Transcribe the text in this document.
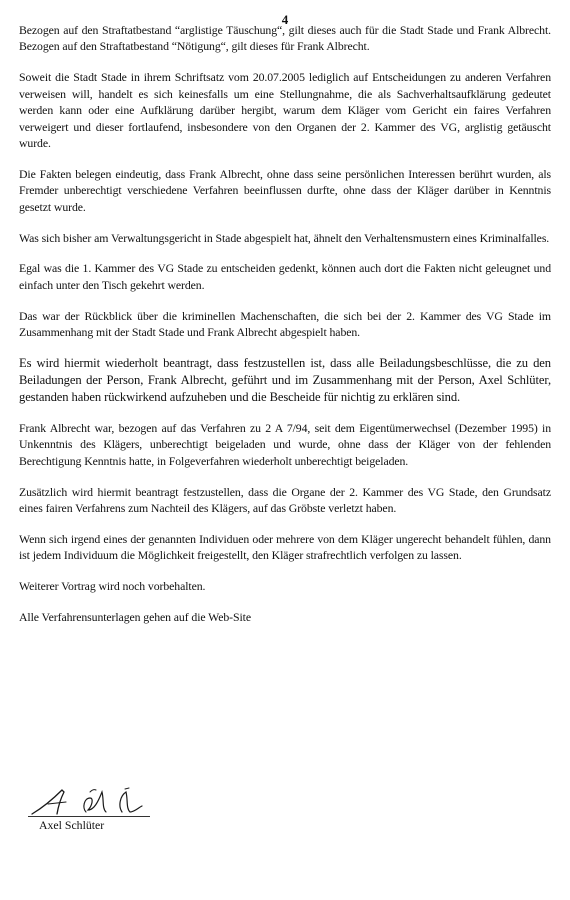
4

Bezogen auf den Straftatbestand “arglistige Täuschung“, gilt dieses auch für die Stadt Stade und Frank Albrecht. Bezogen auf den Straftatbestand “Nötigung“, gilt dieses für Frank Albrecht.

Soweit die Stadt Stade in ihrem Schriftsatz vom 20.07.2005 lediglich auf Entscheidungen zu anderen Verfahren verweisen will, handelt es sich keinesfalls um eine Stellungnahme, die als Sachverhaltsaufklärung gedeutet werden kann oder eine Aufklärung darüber hergibt, warum dem Kläger vom Gericht ein faires Verfahren verweigert und dieser fortlaufend, insbesondere von den Organen der 2. Kammer des VG, arglistig getäuscht wurde.

Die Fakten belegen eindeutig, dass Frank Albrecht, ohne dass seine persönlichen Interessen berührt wurden, als Fremder unberechtigt verschiedene Verfahren beeinflussen durfte, ohne dass der Kläger darüber in Kenntnis gesetzt wurde.

Was sich bisher am Verwaltungsgericht in Stade abgespielt hat, ähnelt den Verhaltensmustern eines Kriminalfalles.

Egal was die 1. Kammer des VG Stade zu entscheiden gedenkt, können auch dort die Fakten nicht geleugnet und einfach unter den Tisch gekehrt werden.

Das war der Rückblick über die kriminellen Machenschaften, die sich bei der 2. Kammer des VG Stade im Zusammenhang mit der Stadt Stade und Frank Albrecht abgespielt haben.

Es wird hiermit wiederholt beantragt, dass festzustellen ist, dass alle Beiladungsbeschlüsse, die zu den Beiladungen der Person, Frank Albrecht, geführt und im Zusammenhang mit der Person, Axel Schlüter, gestanden haben rückwirkend aufzuheben und die Bescheide für nichtig zu erklären sind.

Frank Albrecht war, bezogen auf das Verfahren zu 2 A 7/94, seit dem Eigentümerwechsel (Dezember 1995) in Unkenntnis des Klägers, unberechtigt beigeladen und wurde, ohne dass der Kläger von der fehlenden Berechtigung Kenntnis hatte, in Folgeverfahren wiederholt unberechtigt beigeladen.

Zusätzlich wird hiermit beantragt festzustellen, dass die Organe der 2. Kammer des VG Stade, den Grundsatz eines fairen Verfahrens zum Nachteil des Klägers, auf das Gröbste verletzt haben.

Wenn sich irgend eines der genannten Individuen oder mehrere von dem Kläger ungerecht behandelt fühlen, dann ist jedem Individuum die Möglichkeit freigestellt, den Kläger strafrechtlich verfolgen zu lassen.

Weiterer Vortrag wird noch vorbehalten.

Alle Verfahrensunterlagen gehen auf die Web-Site

Axel Schlüter
